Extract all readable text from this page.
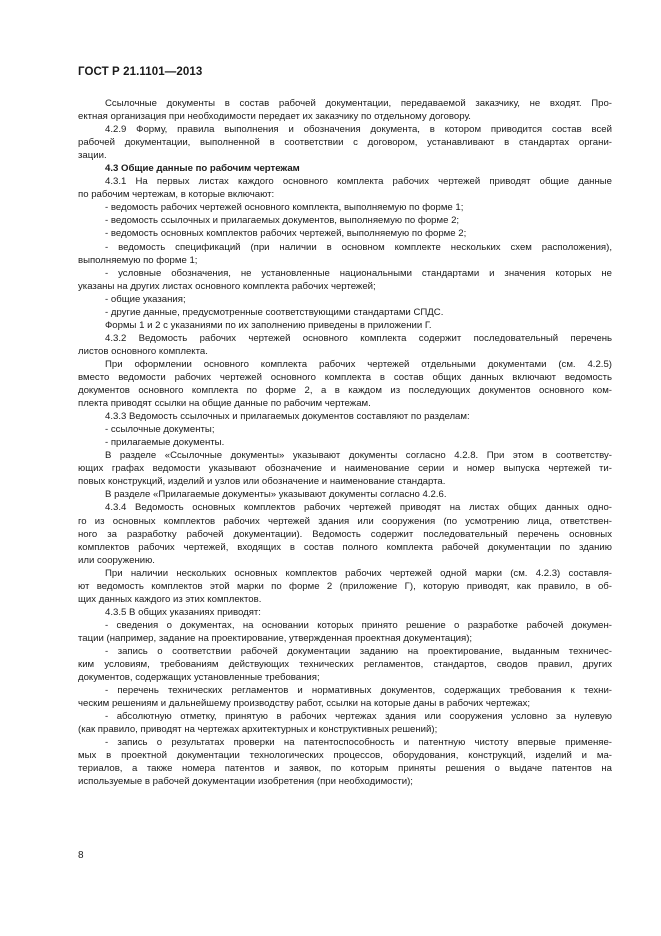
ГОСТ Р 21.1101—2013
Ссылочные документы в состав рабочей документации, передаваемой заказчику, не входят. Про-
ектная организация при необходимости передает их заказчику по отдельному договору.
4.2.9 Форму, правила выполнения и обозначения документа, в котором приводится состав всей
рабочей документации, выполненной в соответствии с договором, устанавливают в стандартах органи-
зации.
4.3 Общие данные по рабочим чертежам
4.3.1 На первых листах каждого основного комплекта рабочих чертежей приводят общие данные
по рабочим чертежам, в которые включают:
- ведомость рабочих чертежей основного комплекта, выполняемую по форме 1;
- ведомость ссылочных и прилагаемых документов, выполняемую по форме 2;
- ведомость основных комплектов рабочих чертежей, выполняемую по форме 2;
- ведомость спецификаций (при наличии в основном комплекте нескольких схем расположения),
выполняемую по форме 1;
- условные обозначения, не установленные национальными стандартами и значения которых не
указаны на других листах основного комплекта рабочих чертежей;
- общие указания;
- другие данные, предусмотренные соответствующими стандартами СПДС.
Формы 1 и 2 с указаниями по их заполнению приведены в приложении Г.
4.3.2 Ведомость рабочих чертежей основного комплекта содержит последовательный перечень
листов основного комплекта.
При оформлении основного комплекта рабочих чертежей отдельными документами (см. 4.2.5)
вместо ведомости рабочих чертежей основного комплекта в состав общих данных включают ведомость
документов основного комплекта по форме 2, а в каждом из последующих документов основного ком-
плекта приводят ссылки на общие данные по рабочим чертежам.
4.3.3 Ведомость ссылочных и прилагаемых документов составляют по разделам:
- ссылочные документы;
- прилагаемые документы.
В разделе «Ссылочные документы» указывают документы согласно 4.2.8. При этом в соответству-
ющих графах ведомости указывают обозначение и наименование серии и номер выпуска чертежей ти-
повых конструкций, изделий и узлов или обозначение и наименование стандарта.
В разделе «Прилагаемые документы» указывают документы согласно 4.2.6.
4.3.4 Ведомость основных комплектов рабочих чертежей приводят на листах общих данных одно-
го из основных комплектов рабочих чертежей здания или сооружения (по усмотрению лица, ответствен-
ного за разработку рабочей документации). Ведомость содержит последовательный перечень основных
комплектов рабочих чертежей, входящих в состав полного комплекта рабочей документации по зданию
или сооружению.
При наличии нескольких основных комплектов рабочих чертежей одной марки (см. 4.2.3) составля-
ют ведомость комплектов этой марки по форме 2 (приложение Г), которую приводят, как правило, в об-
щих данных каждого из этих комплектов.
4.3.5 В общих указаниях приводят:
- сведения о документах, на основании которых принято решение о разработке рабочей докумен-
тации (например, задание на проектирование, утвержденная проектная документация);
- запись о соответствии рабочей документации заданию на проектирование, выданным техничес-
ким условиям, требованиям действующих технических регламентов, стандартов, сводов правил, других
документов, содержащих установленные требования;
- перечень технических регламентов и нормативных документов, содержащих требования к техни-
ческим решениям и дальнейшему производству работ, ссылки на которые даны в рабочих чертежах;
- абсолютную отметку, принятую в рабочих чертежах здания или сооружения условно за нулевую
(как правило, приводят на чертежах архитектурных и конструктивных решений);
- запись о результатах проверки на патентоспособность и патентную чистоту впервые применяе-
мых в проектной документации технологических процессов, оборудования, конструкций, изделий и ма-
териалов, а также номера патентов и заявок, по которым приняты решения о выдаче патентов на
используемые в рабочей документации изобретения (при необходимости);
8
